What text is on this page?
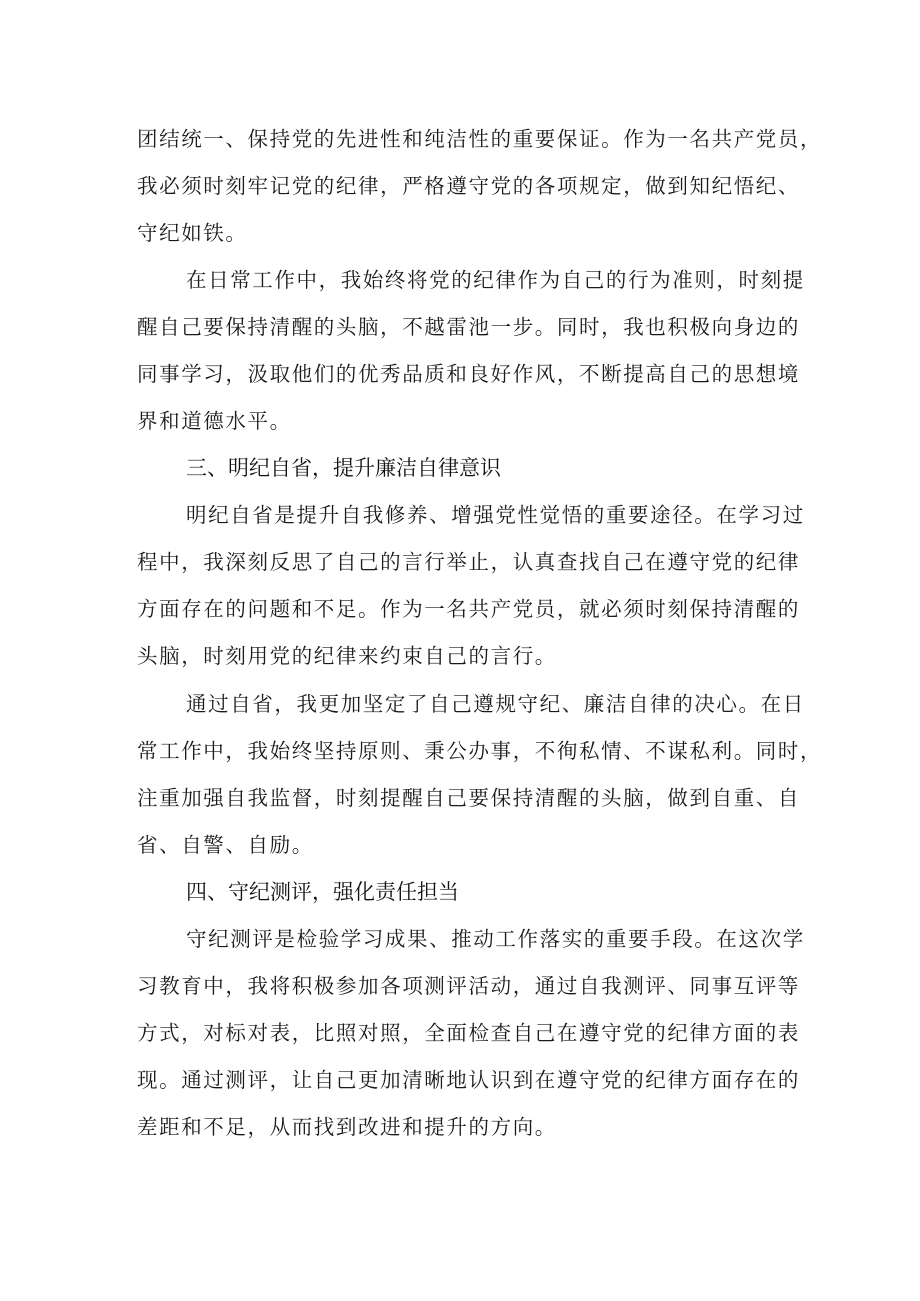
团结统一、保持党的先进性和纯洁性的重要保证。作为一名共产党员，
我必须时刻牢记党的纪律，严格遵守党的各项规定，做到知纪悟纪、
守纪如铁。
在日常工作中，我始终将党的纪律作为自己的行为准则，时刻提
醒自己要保持清醒的头脑，不越雷池一步。同时，我也积极向身边的
同事学习，汲取他们的优秀品质和良好作风，不断提高自己的思想境
界和道德水平。
三、明纪自省，提升廉洁自律意识
明纪自省是提升自我修养、增强党性觉悟的重要途径。在学习过
程中，我深刻反思了自己的言行举止，认真查找自己在遵守党的纪律
方面存在的问题和不足。作为一名共产党员，就必须时刻保持清醒的
头脑，时刻用党的纪律来约束自己的言行。
通过自省，我更加坚定了自己遵规守纪、廉洁自律的决心。在日
常工作中，我始终坚持原则、秉公办事，不徇私情、不谋私利。同时，
注重加强自我监督，时刻提醒自己要保持清醒的头脑，做到自重、自
省、自警、自励。
四、守纪测评，强化责任担当
守纪测评是检验学习成果、推动工作落实的重要手段。在这次学
习教育中，我将积极参加各项测评活动，通过自我测评、同事互评等
方式，对标对表，比照对照，全面检查自己在遵守党的纪律方面的表
现。通过测评，让自己更加清晰地认识到在遵守党的纪律方面存在的
差距和不足，从而找到改进和提升的方向。
